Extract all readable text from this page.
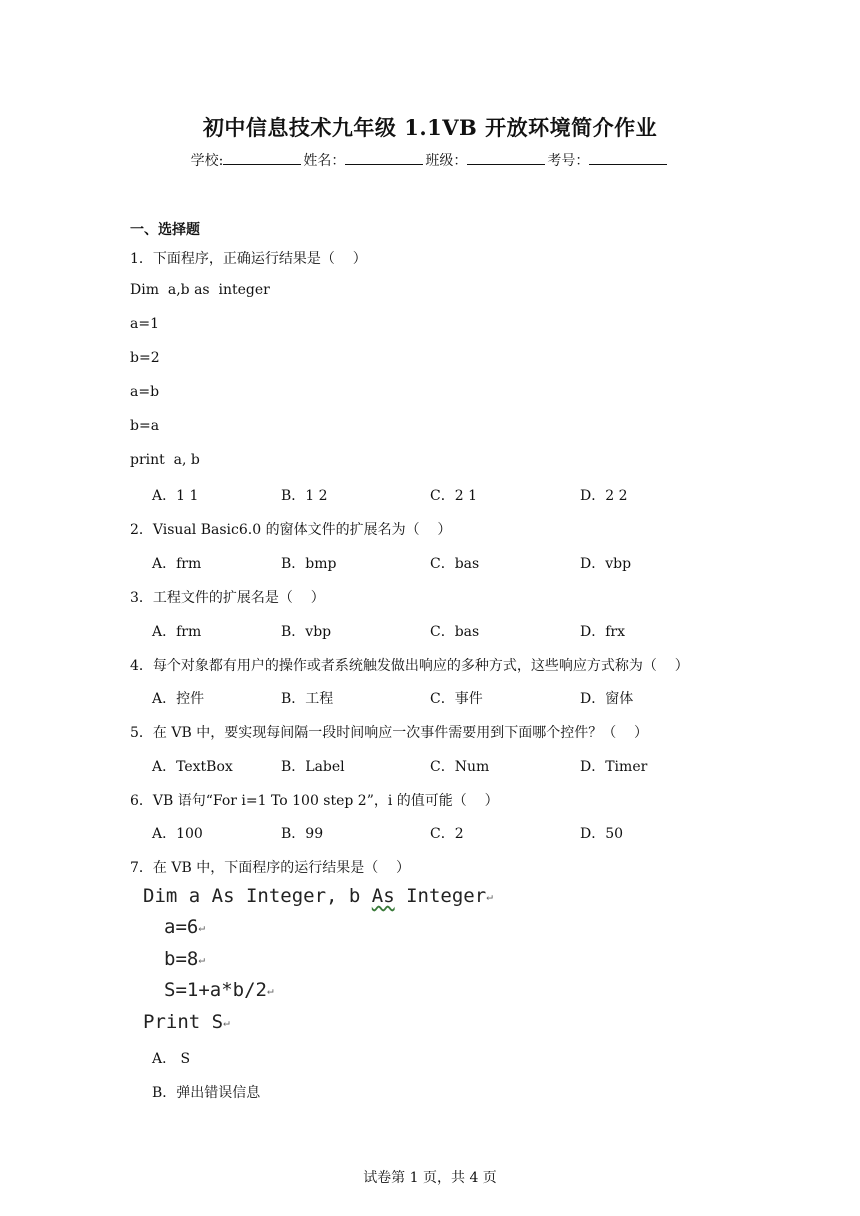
初中信息技术九年级 1.1VB 开放环境简介作业
学校:	姓名：	班级：	考号：
一、选择题
1．下面程序，正确运行结果是（    ）
Dim  a,b as  integer
a=1
b=2
a=b
b=a
print  a, b
A．1 1	B．1 2	C．2 1	D．2 2
2．Visual Basic6.0 的窗体文件的扩展名为（    ）
A．frm	B．bmp	C．bas	D．vbp
3．工程文件的扩展名是（    ）
A．frm	B．vbp	C．bas	D．frx
4．每个对象都有用户的操作或者系统触发做出响应的多种方式，这些响应方式称为（    ）
A．控件	B．工程	C．事件	D．窗体
5．在 VB 中，要实现每间隔一段时间响应一次事件需要用到下面哪个控件？（    ）
A．TextBox	B．Label	C．Num	D．Timer
6．VB 语句“For i=1 To 100 step 2”，i 的值可能（    ）
A．100	B．99	C．2	D．50
7．在 VB 中，下面程序的运行结果是（    ）
Dim a As Integer, b As Integer↵
a=6↵
b=8↵
S=1+a*b/2↵
Print S↵
A． S
B．弹出错误信息
试卷第 1 页，共 4 页
